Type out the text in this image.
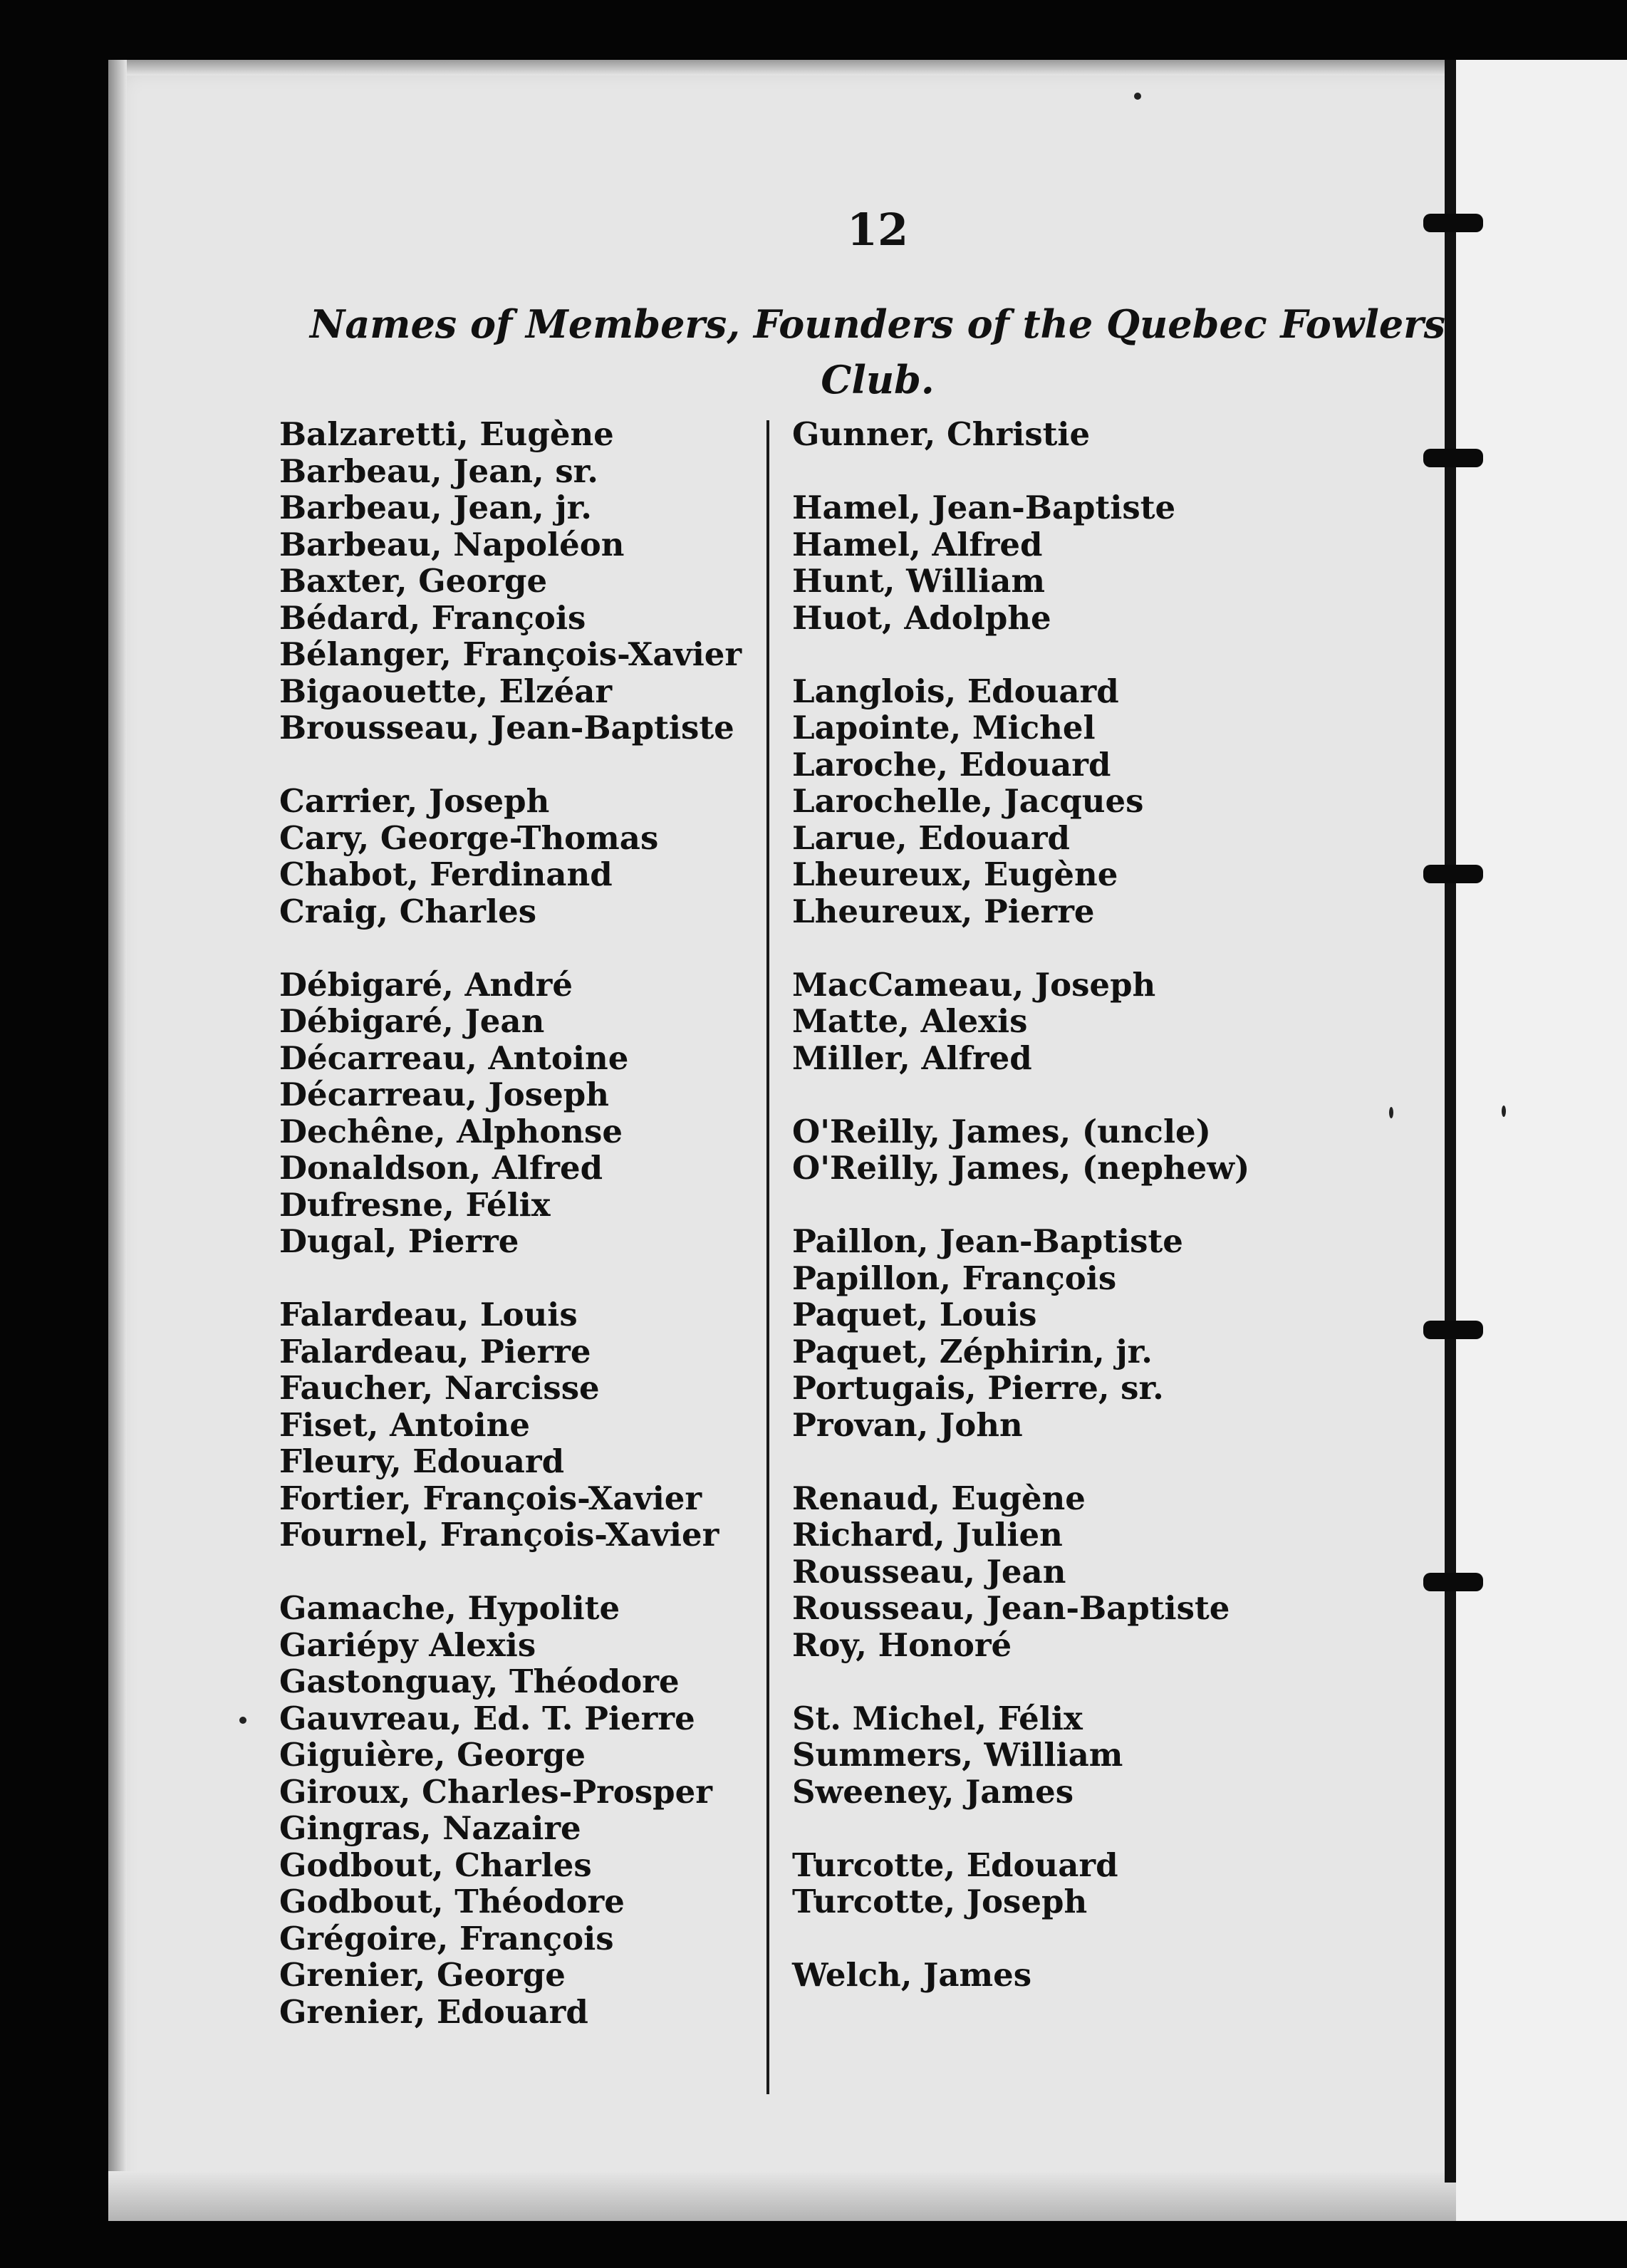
12
Names of Members, Founders of the Quebec Fowlers
Club.
Balzaretti, Eugène
Barbeau, Jean, sr.
Barbeau, Jean, jr.
Barbeau, Napoléon
Baxter, George
Bédard, François
Bélanger, François-Xavier
Bigaouette, Elzéar
Brousseau, Jean-Baptiste
Carrier, Joseph
Cary, George-Thomas
Chabot, Ferdinand
Craig, Charles
Débigaré, André
Débigaré, Jean
Décarreau, Antoine
Décarreau, Joseph
Dechêne, Alphonse
Donaldson, Alfred
Dufresne, Félix
Dugal, Pierre
Falardeau, Louis
Falardeau, Pierre
Faucher, Narcisse
Fiset, Antoine
Fleury, Edouard
Fortier, François-Xavier
Fournel, François-Xavier
Gamache, Hypolite
Gariépy Alexis
Gastonguay, Théodore
Gauvreau, Ed. T. Pierre
Giguière, George
Giroux, Charles-Prosper
Gingras, Nazaire
Godbout, Charles
Godbout, Théodore
Grégoire, François
Grenier, George
Grenier, Edouard
Gunner, Christie
Hamel, Jean-Baptiste
Hamel, Alfred
Hunt, William
Huot, Adolphe
Langlois, Edouard
Lapointe, Michel
Laroche, Edouard
Larochelle, Jacques
Larue, Edouard
Lheureux, Eugène
Lheureux, Pierre
MacCameau, Joseph
Matte, Alexis
Miller, Alfred
O'Reilly, James, (uncle)
O'Reilly, James, (nephew)
Paillon, Jean-Baptiste
Papillon, François
Paquet, Louis
Paquet, Zéphirin, jr.
Portugais, Pierre, sr.
Provan, John
Renaud, Eugène
Richard, Julien
Rousseau, Jean
Rousseau, Jean-Baptiste
Roy, Honoré
St. Michel, Félix
Summers, William
Sweeney, James
Turcotte, Edouard
Turcotte, Joseph
Welch, James
